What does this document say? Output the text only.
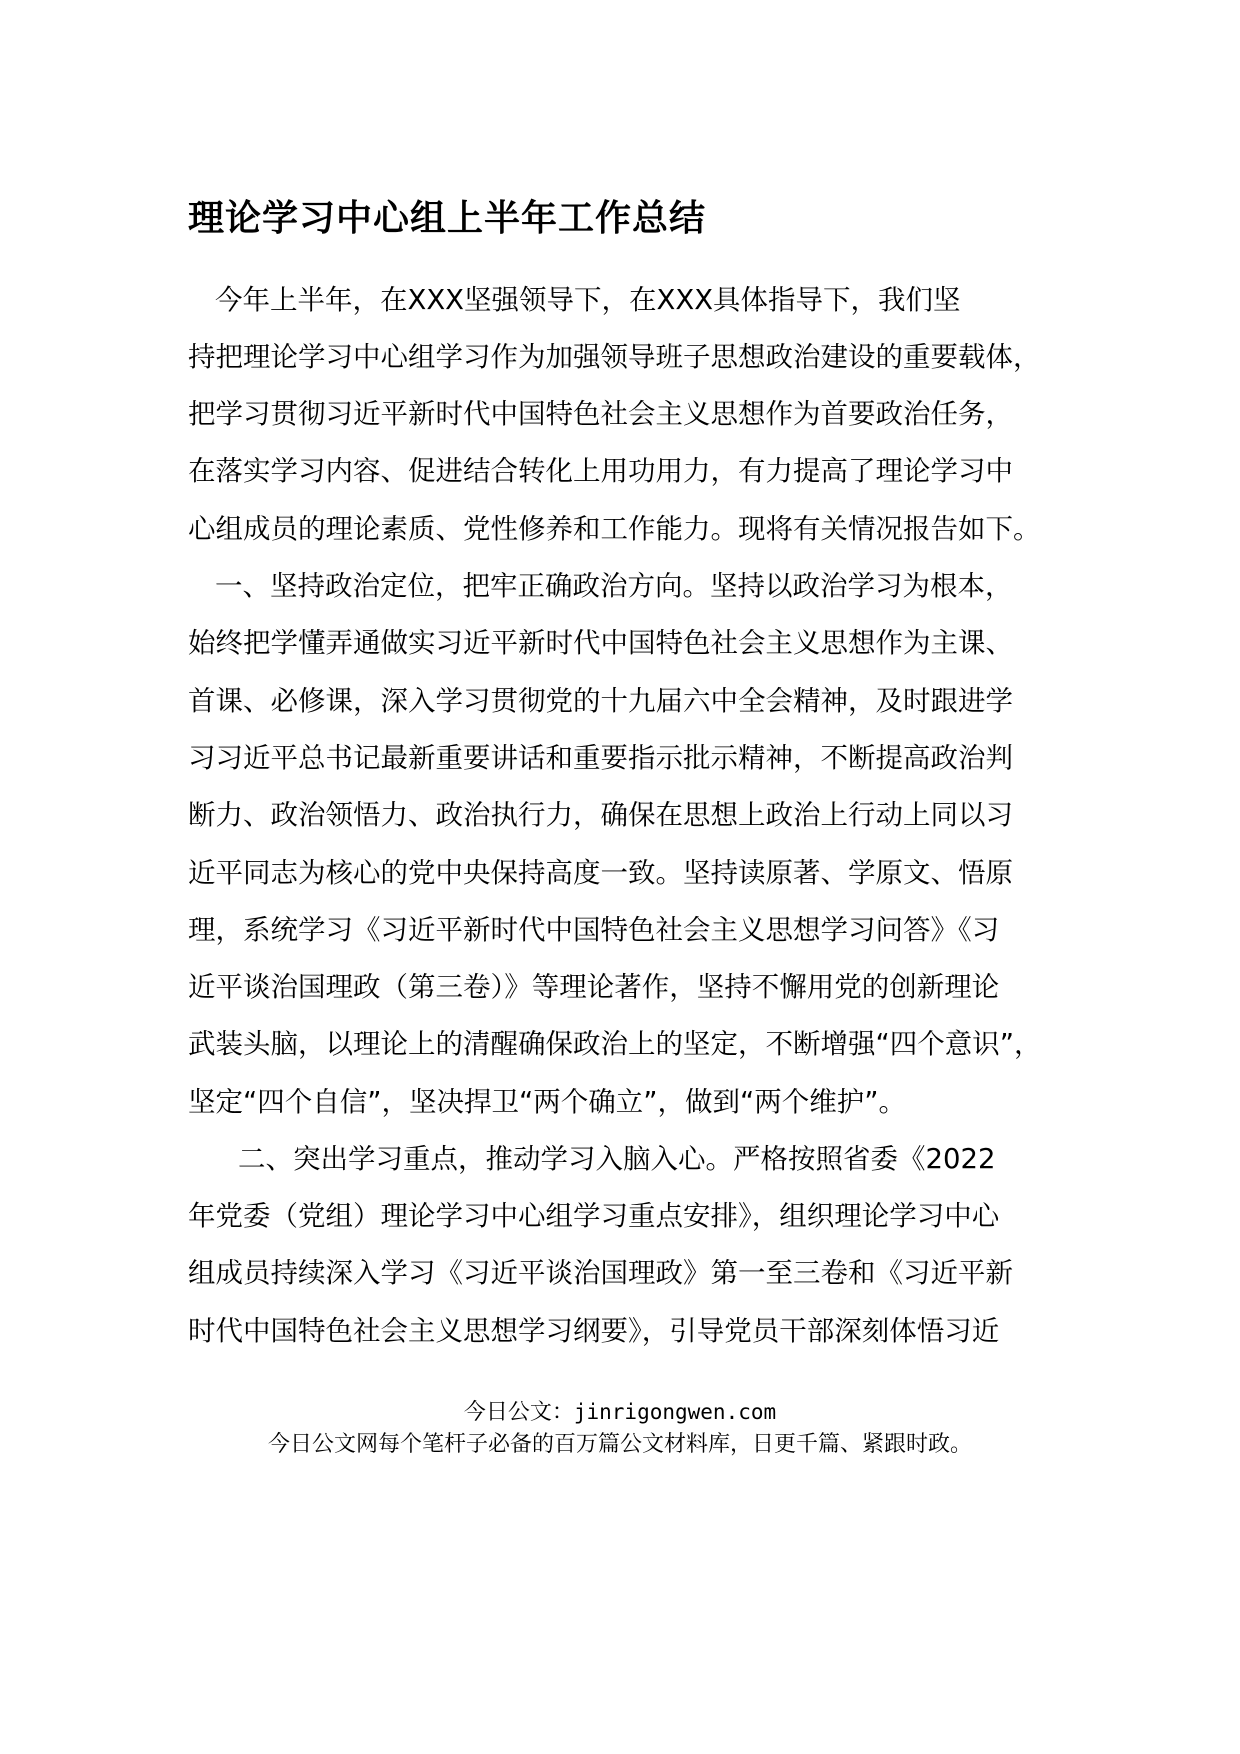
理论学习中心组上半年工作总结
今年上半年，在XXX坚强领导下，在XXX具体指导下，我们坚
持把理论学习中心组学习作为加强领导班子思想政治建设的重要载体，
把学习贯彻习近平新时代中国特色社会主义思想作为首要政治任务，
在落实学习内容、促进结合转化上用功用力，有力提高了理论学习中
心组成员的理论素质、党性修养和工作能力。现将有关情况报告如下。
一、坚持政治定位，把牢正确政治方向。坚持以政治学习为根本，
始终把学懂弄通做实习近平新时代中国特色社会主义思想作为主课、
首课、必修课，深入学习贯彻党的十九届六中全会精神，及时跟进学
习习近平总书记最新重要讲话和重要指示批示精神，不断提高政治判
断力、政治领悟力、政治执行力，确保在思想上政治上行动上同以习
近平同志为核心的党中央保持高度一致。坚持读原著、学原文、悟原
理，系统学习《习近平新时代中国特色社会主义思想学习问答》《习
近平谈治国理政（第三卷）》等理论著作，坚持不懈用党的创新理论
武装头脑，以理论上的清醒确保政治上的坚定，不断增强“四个意识”，
坚定“四个自信”，坚决捍卫“两个确立”，做到“两个维护”。
二、突出学习重点，推动学习入脑入心。严格按照省委《2022
年党委（党组）理论学习中心组学习重点安排》，组织理论学习中心
组成员持续深入学习《习近平谈治国理政》第一至三卷和《习近平新
时代中国特色社会主义思想学习纲要》，引导党员干部深刻体悟习近
今日公文：jinrigongwen.com
今日公文网每个笔杆子必备的百万篇公文材料库，日更千篇、紧跟时政。
